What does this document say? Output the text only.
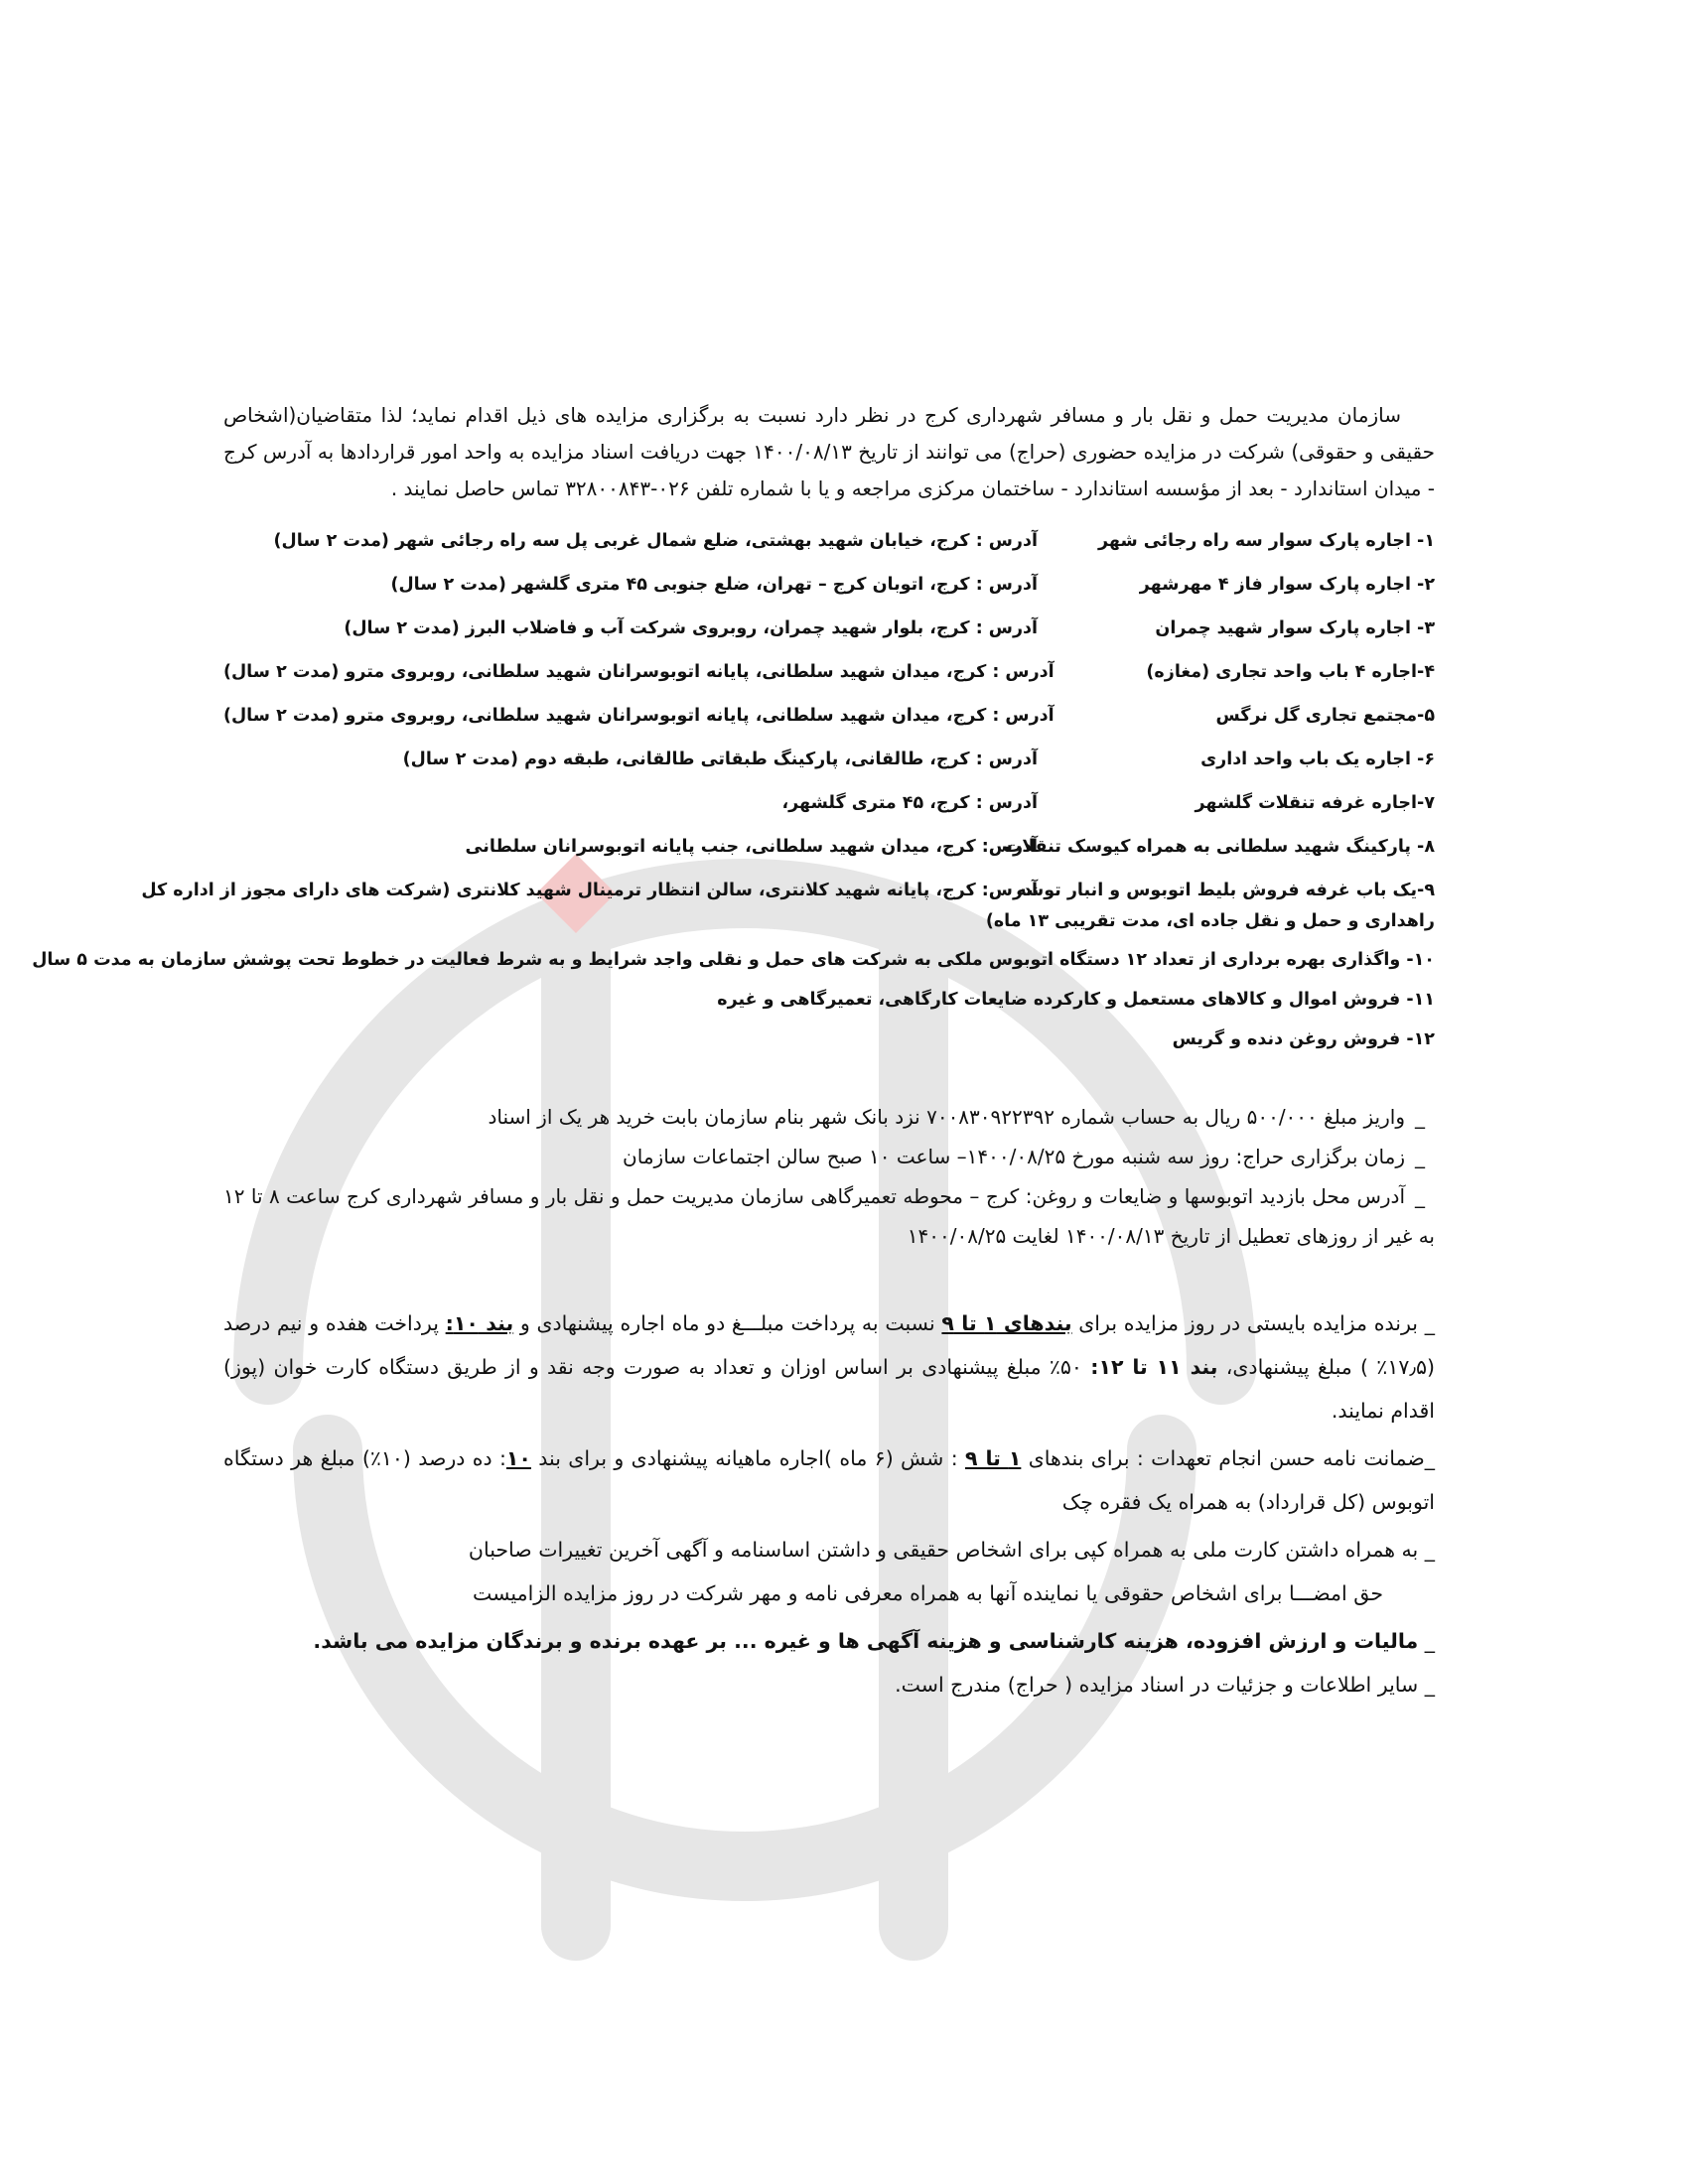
سازمان مدیریت حمل و نقل بار و مسافر شهرداری کرج در نظر دارد نسبت به برگزاری مزایده های ذیل اقدام نماید؛ لذا متقاضیان(اشخاص حقیقی و حقوقی) شرکت در مزایده حضوری (حراج) می توانند از تاریخ ۱۴۰۰/۰۸/۱۳ جهت دریافت اسناد مزایده به واحد امور قراردادها به آدرس کرج - میدان استاندارد - بعد از مؤسسه استاندارد - ساختمان مرکزی مراجعه و یا با شماره تلفن ۰۲۶-۳۲۸۰۰۸۴۳ تماس حاصل نمایند .

۱- اجاره پارک سوار سه راه رجائی شهر
آدرس : کرج، خیابان شهید بهشتی، ضلع شمال غربی پل سه راه رجائی شهر (مدت ۲ سال)
۲- اجاره پارک سوار فاز ۴ مهرشهر
آدرس : کرج، اتوبان کرج – تهران، ضلع جنوبی ۴۵ متری گلشهر (مدت ۲ سال)
۳- اجاره پارک سوار شهید چمران
آدرس : کرج، بلوار شهید چمران، روبروی شرکت آب و فاضلاب البرز (مدت ۲ سال)
۴-اجاره ۴ باب واحد تجاری (مغازه)
آدرس : کرج، میدان شهید سلطانی، پایانه اتوبوسرانان شهید سلطانی، روبروی مترو (مدت ۲ سال)
۵-مجتمع تجاری گل نرگس
آدرس : کرج، میدان شهید سلطانی، پایانه اتوبوسرانان شهید سلطانی، روبروی مترو (مدت ۲ سال)
۶- اجاره یک باب واحد اداری
آدرس : کرج، طالقانی، پارکینگ طبقاتی طالقانی، طبقه دوم (مدت ۲ سال)
۷-اجاره غرفه تنقلات گلشهر
آدرس : کرج، ۴۵ متری گلشهر،
۸- پارکینگ شهید سلطانی به همراه کیوسک تنقلات
آدرس: کرج، میدان شهید سلطانی، جنب پایانه اتوبوسرانان سلطانی
۹-یک باب غرفه فروش بلیط اتوبوس و انبار توشه
آدرس: کرج، پایانه شهید کلانتری، سالن انتظار ترمینال شهید کلانتری (شرکت های دارای مجوز از اداره کل
راهداری و حمل و نقل جاده ای، مدت تقریبی ۱۳ ماه)
۱۰- واگذاری بهره برداری از تعداد ۱۲ دستگاه اتوبوس ملکی به شرکت های حمل و نقلی واجد شرایط و به شرط فعالیت در خطوط تحت پوشش سازمان به مدت ۵ سال
۱۱- فروش اموال و کالاهای مستعمل و کارکرده ضایعات کارگاهی، تعمیرگاهی و غیره
۱۲- فروش روغن دنده و گریس

_واریز مبلغ ۵۰۰/۰۰۰ ریال به حساب شماره ۷۰۰۸۳۰۹۲۲۳۹۲ نزد بانک شهر بنام سازمان بابت خرید هر یک از اسناد

_زمان برگزاری حراج: روز سه شنبه مورخ ۱۴۰۰/۰۸/۲۵– ساعت ۱۰ صبح سالن اجتماعات سازمان

_آدرس محل بازدید اتوبوسها و ضایعات و روغن: کرج – محوطه تعمیرگاهی سازمان مدیریت حمل و نقل بار و مسافر شهرداری کرج ساعت ۸ تا ۱۲ به غیر از روزهای تعطیل از تاریخ ۱۴۰۰/۰۸/۱۳ لغایت ۱۴۰۰/۰۸/۲۵

_ برنده مزایده بایستی در روز مزایده برای بندهای ۱ تا ۹ نسبت به پرداخت مبلـــغ دو ماه اجاره پیشنهادی و بند ۱۰: پرداخت هفده و نیم درصد (۱۷٫۵٪ ) مبلغ پیشنهادی، بند ۱۱ تا ۱۲: ۵۰٪ مبلغ پیشنهادی بر اساس اوزان و تعداد به صورت وجه نقد و از طریق دستگاه کارت خوان (پوز) اقدام نمایند.

_ضمانت نامه حسن انجام تعهدات : برای بندهای ۱ تا ۹ : شش (۶ ماه )اجاره ماهیانه پیشنهادی و برای بند ۱۰: ده درصد (۱۰٪) مبلغ هر دستگاه اتوبوس (کل قرارداد) به همراه یک فقره چک

_ به همراه داشتن کارت ملی به همراه کپی برای اشخاص حقیقی و داشتن اساسنامه و آگهی آخرین تغییرات صاحبان

حق امضـــا برای اشخاص حقوقی یا نماینده آنها به همراه معرفی نامه و مهر شرکت در روز مزایده الزامیست

_ مالیات و ارزش افزوده، هزینه کارشناسی و هزینه آگهی ها و غیره ... بر عهده برنده و برندگان مزایده می باشد.

_ سایر اطلاعات و جزئیات در اسناد مزایده ( حراج) مندرج است.
